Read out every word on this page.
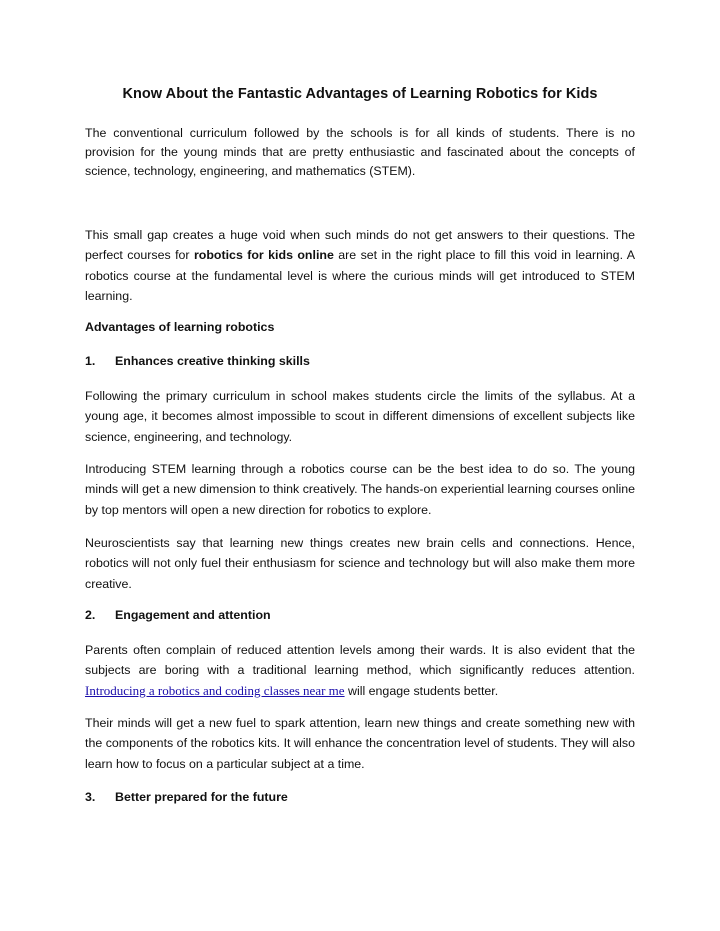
Know About the Fantastic Advantages of Learning Robotics for Kids
The conventional curriculum followed by the schools is for all kinds of students. There is no provision for the young minds that are pretty enthusiastic and fascinated about the concepts of science, technology, engineering, and mathematics (STEM).
This small gap creates a huge void when such minds do not get answers to their questions. The perfect courses for robotics for kids online are set in the right place to fill this void in learning. A robotics course at the fundamental level is where the curious minds will get introduced to STEM learning.
Advantages of learning robotics
1. Enhances creative thinking skills
Following the primary curriculum in school makes students circle the limits of the syllabus. At a young age, it becomes almost impossible to scout in different dimensions of excellent subjects like science, engineering, and technology.
Introducing STEM learning through a robotics course can be the best idea to do so. The young minds will get a new dimension to think creatively. The hands-on experiential learning courses online by top mentors will open a new direction for robotics to explore.
Neuroscientists say that learning new things creates new brain cells and connections. Hence, robotics will not only fuel their enthusiasm for science and technology but will also make them more creative.
2. Engagement and attention
Parents often complain of reduced attention levels among their wards. It is also evident that the subjects are boring with a traditional learning method, which significantly reduces attention. Introducing a robotics and coding classes near me will engage students better.
Their minds will get a new fuel to spark attention, learn new things and create something new with the components of the robotics kits. It will enhance the concentration level of students. They will also learn how to focus on a particular subject at a time.
3. Better prepared for the future
